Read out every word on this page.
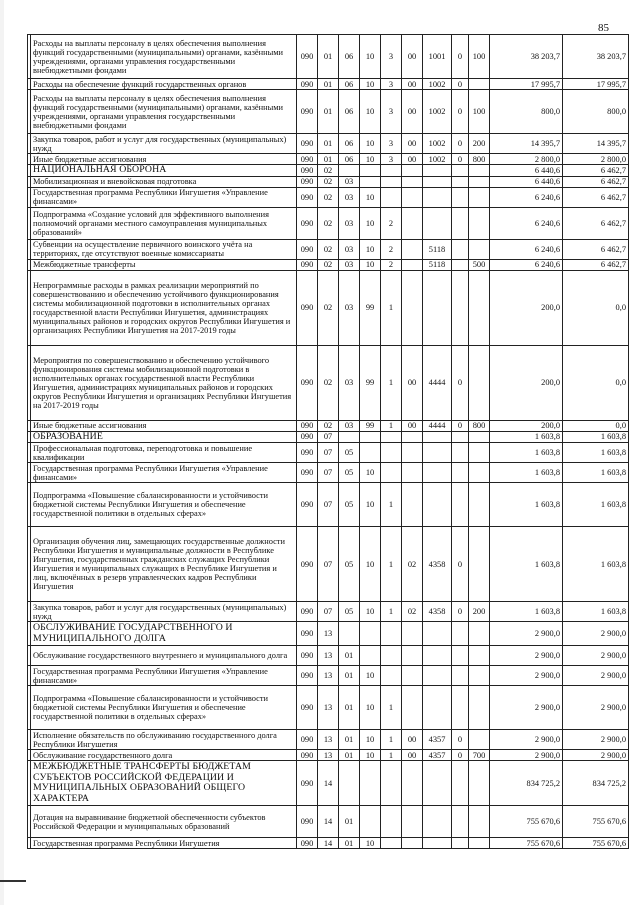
85
	Расходы на выплаты персоналу в целях обеспечения выполнения функций государственными (муниципальными) органами, казёнными учреждениями, органами управления государственными внебюджетными фондами	090	01	06	10	3	00	1001	0	100	38 203,7	38 203,7
	Расходы на обеспечение функций государственных органов	090	01	06	10	3	00	1002	0		17 995,7	17 995,7
	Расходы на выплаты персоналу в целях обеспечения выполнения функций государственными (муниципальными) органами, казёнными учреждениями, органами управления государственными внебюджетными фондами	090	01	06	10	3	00	1002	0	100	800,0	800,0
	Закупка товаров, работ и услуг для государственных (муниципальных) нужд	090	01	06	10	3	00	1002	0	200	14 395,7	14 395,7
	Иные бюджетные ассигнования	090	01	06	10	3	00	1002	0	800	2 800,0	2 800,0
	НАЦИОНАЛЬНАЯ ОБОРОНА	090	02								6 440,6	6 462,7
	Мобилизационная и вневойсковая подготовка	090	02	03							6 440,6	6 462,7
	Государственная программа Республики Ингушетия «Управление финансами»	090	02	03	10						6 240,6	6 462,7
	Подпрограмма «Создание условий для эффективного выполнения полномочий органами местного самоуправления муниципальных образований»	090	02	03	10	2					6 240,6	6 462,7
	Субвенции на осуществление первичного воинского учёта на территориях, где отсутствуют военные комиссариаты	090	02	03	10	2		5118			6 240,6	6 462,7
	Межбюджетные трансферты	090	02	03	10	2		5118		500	6 240,6	6 462,7
	Непрограммные расходы в рамках реализации мероприятий по совершенствованию и обеспечению устойчивого функционирования системы мобилизационной подготовки в исполнительных органах государственной власти Республики Ингушетия, администрациях муниципальных районов и городских округов Республики Ингушетия и организациях Республики Ингушетия на 2017-2019 годы	090	02	03	99	1					200,0	0,0
	Мероприятия по совершенствованию и обеспечению устойчивого функционирования системы мобилизационной подготовки в исполнительных органах государственной власти Республики Ингушетия, администрациях муниципальных районов и городских округов Республики Ингушетия и организациях Республики Ингушетия на 2017-2019 годы	090	02	03	99	1	00	4444	0		200,0	0,0
	Иные бюджетные ассигнования	090	02	03	99	1	00	4444	0	800	200,0	0,0
	ОБРАЗОВАНИЕ	090	07								1 603,8	1 603,8
	Профессиональная подготовка, переподготовка и повышение квалификации	090	07	05							1 603,8	1 603,8
	Государственная программа Республики Ингушетия «Управление финансами»	090	07	05	10						1 603,8	1 603,8
	Подпрограмма «Повышение сбалансированности и устойчивости бюджетной системы Республики Ингушетия и обеспечение государственной политики в отдельных сферах»	090	07	05	10	1					1 603,8	1 603,8
	Организация обучения лиц, замещающих государственные должности Республики Ингушетия и муниципальные должности в Республике Ингушетия, государственных гражданских служащих Республики Ингушетия и муниципальных служащих в Республике Ингушетия и лиц, включённых в резерв управленческих кадров Республики Ингушетия	090	07	05	10	1	02	4358	0		1 603,8	1 603,8
	Закупка товаров, работ и услуг для государственных (муниципальных) нужд	090	07	05	10	1	02	4358	0	200	1 603,8	1 603,8
	ОБСЛУЖИВАНИЕ ГОСУДАРСТВЕННОГО И МУНИЦИПАЛЬНОГО ДОЛГА	090	13								2 900,0	2 900,0
	Обслуживание государственного внутреннего и муниципального долга	090	13	01							2 900,0	2 900,0
	Государственная программа Республики Ингушетия «Управление финансами»	090	13	01	10						2 900,0	2 900,0
	Подпрограмма «Повышение сбалансированности и устойчивости бюджетной системы Республики Ингушетия и обеспечение государственной политики в отдельных сферах»	090	13	01	10	1					2 900,0	2 900,0
	Исполнение обязательств по обслуживанию государственного долга Республики Ингушетия	090	13	01	10	1	00	4357	0		2 900,0	2 900,0
	Обслуживание государственного долга	090	13	01	10	1	00	4357	0	700	2 900,0	2 900,0
	МЕЖБЮДЖЕТНЫЕ ТРАНСФЕРТЫ БЮДЖЕТАМ СУБЪЕКТОВ РОССИЙСКОЙ ФЕДЕРАЦИИ И МУНИЦИПАЛЬНЫХ ОБРАЗОВАНИЙ ОБЩЕГО ХАРАКТЕРА	090	14								834 725,2	834 725,2
	Дотация на выравнивание бюджетной обеспеченности субъектов Российской Федерации и муниципальных образований	090	14	01							755 670,6	755 670,6
	Государственная программа Республики Ингушетия	090	14	01	10						755 670,6	755 670,6
